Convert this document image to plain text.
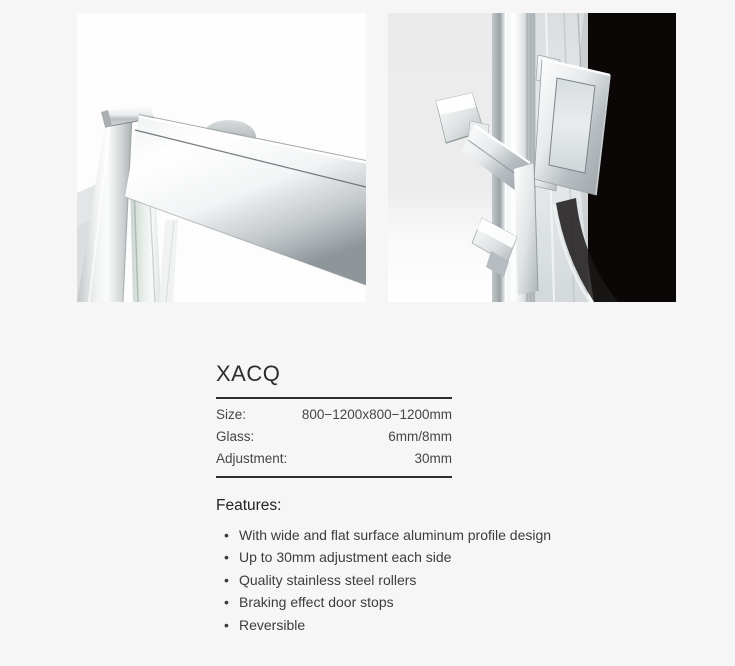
XACQ
Size:	800−1200x800−1200mm
Glass:	6mm/8mm
Adjustment:	30mm
Features:
• With wide and flat surface aluminum profile design
• Up to 30mm adjustment each side
• Quality stainless steel rollers
• Braking effect door stops
• Reversible
